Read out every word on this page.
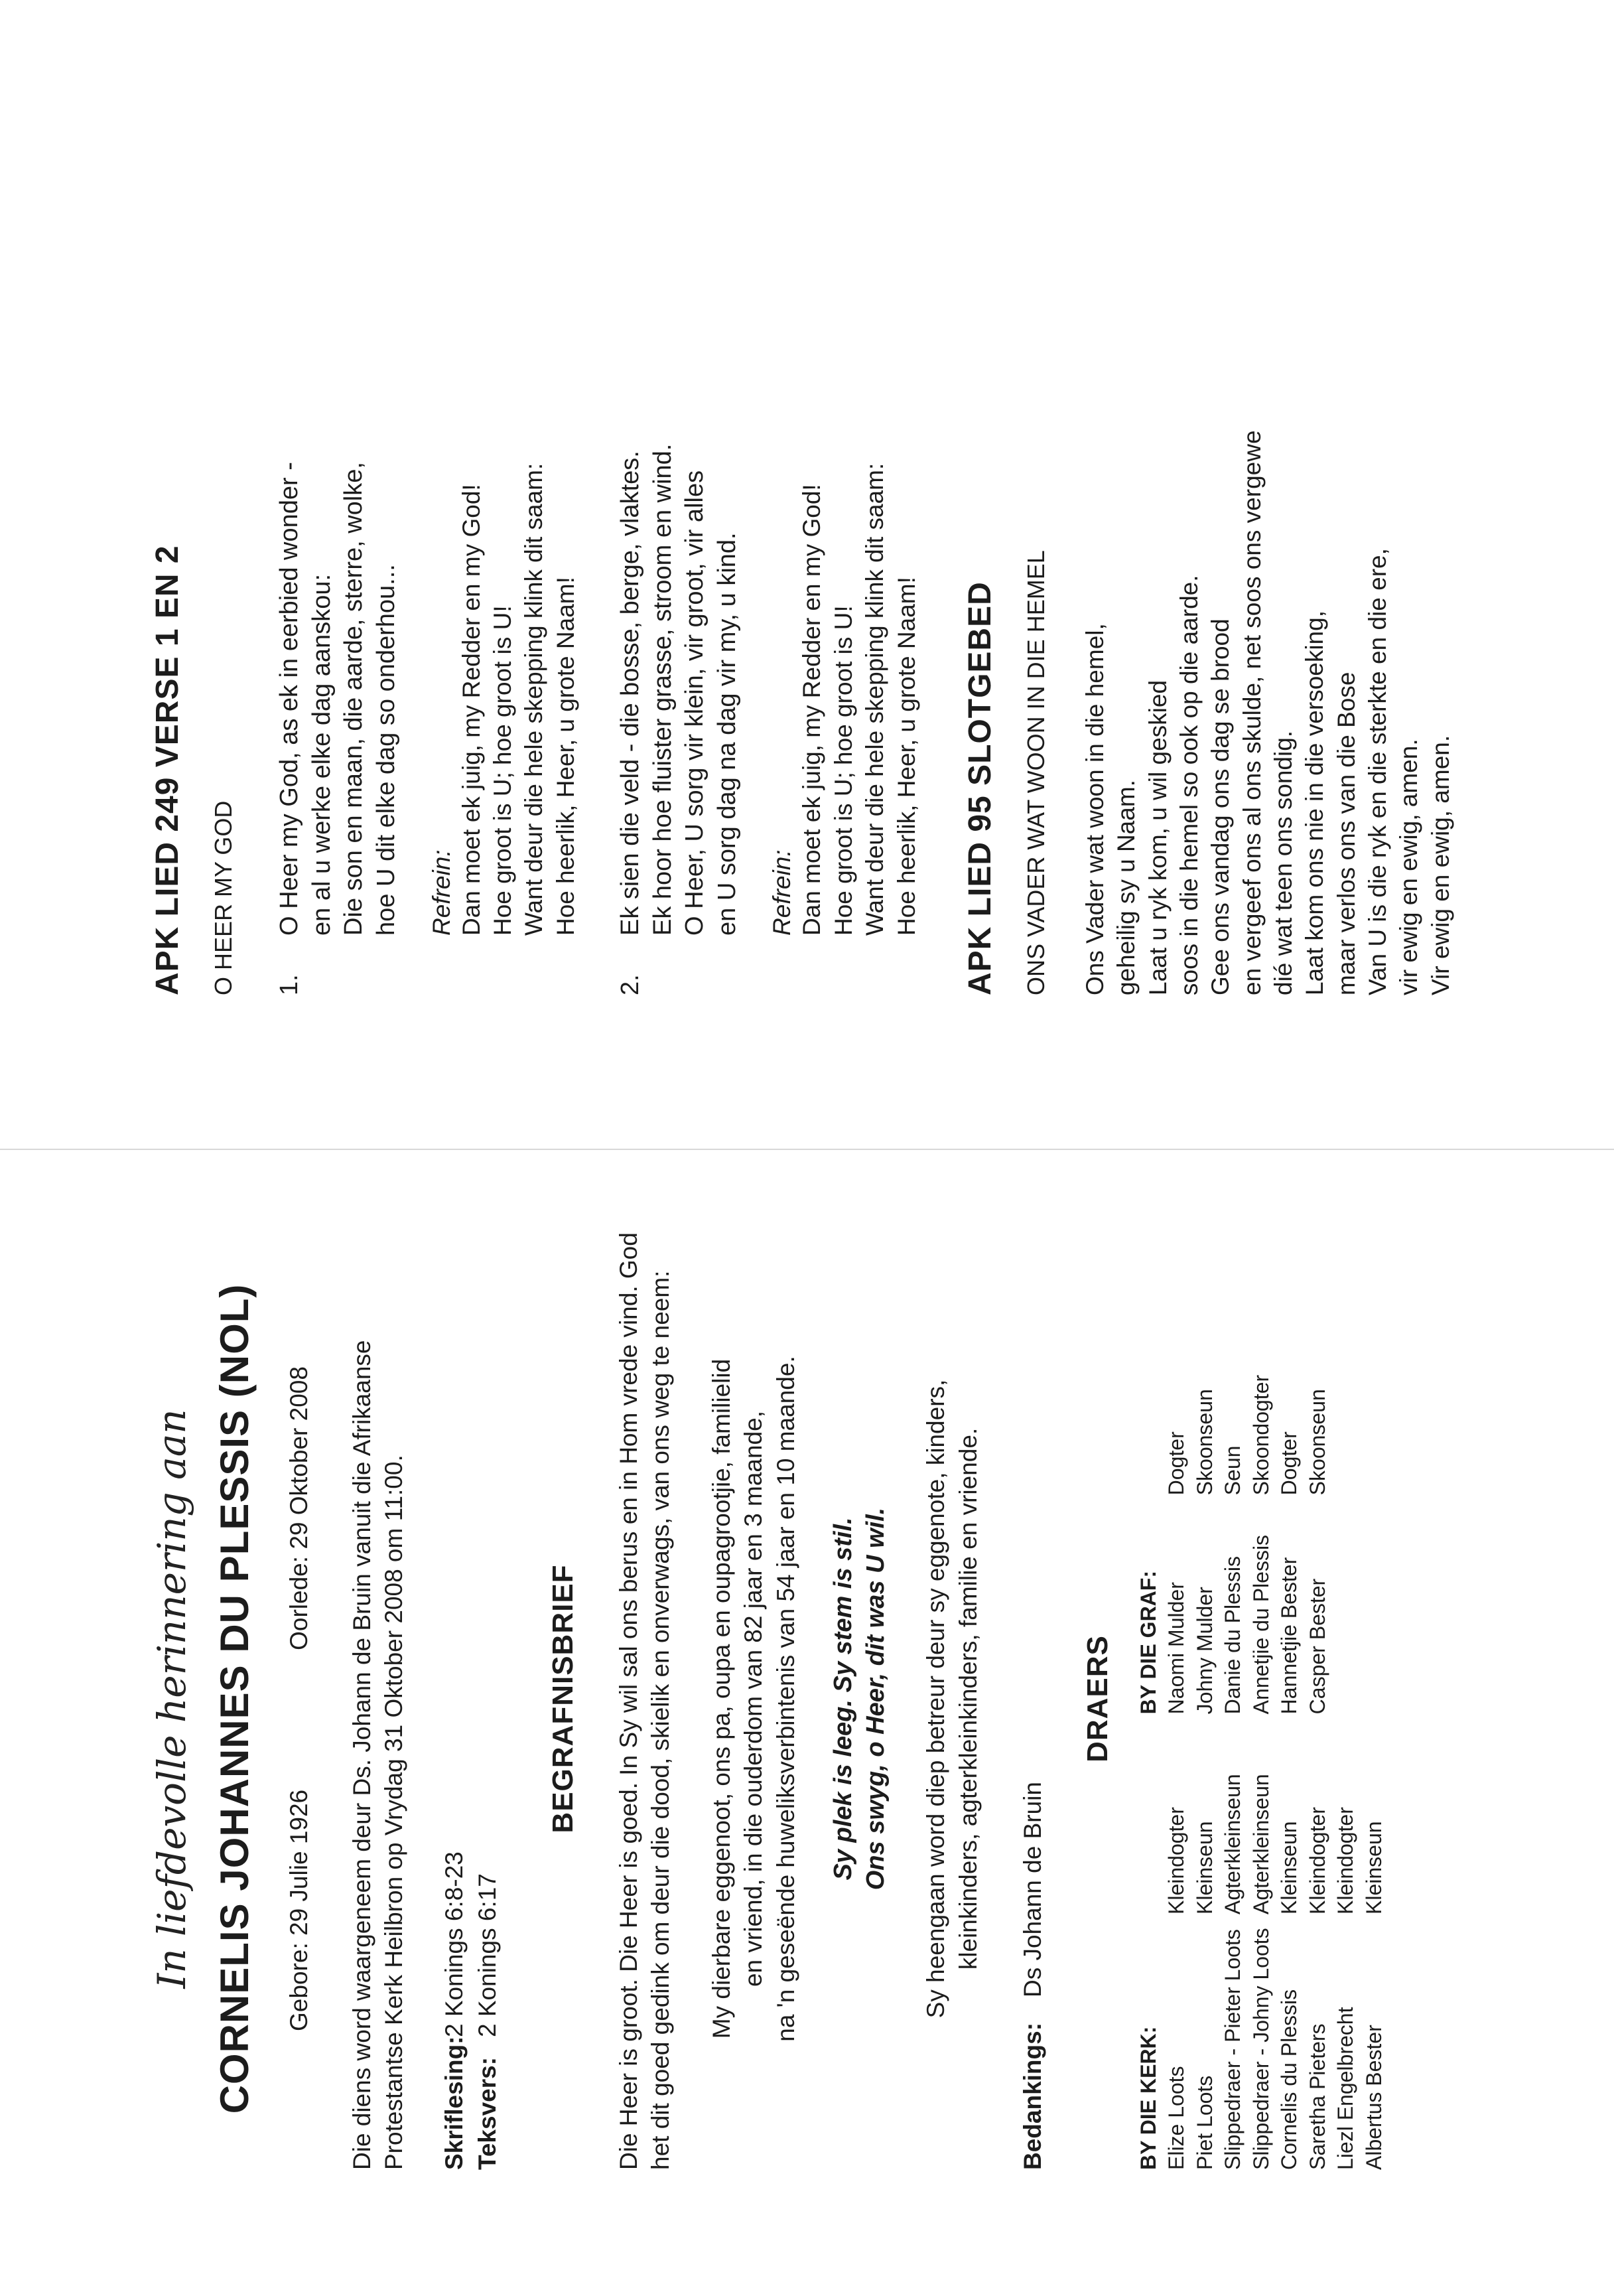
In liefdevolle herinnering aan CORNELIS JOHANNES DU PLESSIS (NOL) Gebore: 29 Julie 1926
Oorlede: 29 Oktober 2008 Die diens word waargeneem deur Ds. Johann de Bruin vanuit die Afrikaanse Protestantse Kerk Heilbron op Vrydag 31 Oktober 2008 om 11:00. Skriflesing:
2 Konings 6:8-23
Teksvers:
2 Konings 6:17

BEGRAFNISBRIEF Die Heer is groot. Die Heer is goed. In Sy wil sal ons berus en in Hom vrede vind. God het dit goed gedink om deur die dood, skielik en onverwags, van ons weg te neem: My dierbare eggenoot, ons pa, oupa en oupagrootjie, familielid en vriend, in die ouderdom van 82 jaar en 3 maande, na 'n geseënde huweliksverbintenis van 54 jaar en 10 maande. Sy plek is leeg. Sy stem is stil. Ons swyg, o Heer, dit was U wil. Sy heengaan word diep betreur deur sy eggenote, kinders, kleinkinders, agterkleinkinders, familie en vriende.
Bedankings:
Ds Johann de Bruin

DRAERS

BY DIE KERK: Elize Loots
Kleindogter
Piet Loots
Kleinseun
Slippedraer - Pieter Loots
Agterkleinseun
Slippedraer - Johny Loots
Agterkleinseun
Cornelis du Plessis
Kleinseun
Saretha Pieters
Kleindogter
Liezl Engelbrecht
Kleindogter
Albertus Bester
Kleinseun
BY DIE GRAF: Naomi Mulder
Dogter
Johny Mulder
Skoonseun
Danie du Plessis
Seun
Annetjie du Plessis
Skoondogter
Hannetjie Bester
Dogter
Casper Bester
Skoonseun

APK LIED 249 VERSE 1 EN 2 O HEER MY GOD 1.

O Heer my God, as ek in eerbied wonder - en al u werke elke dag aanskou: Die son en maan, die aarde, sterre, wolke, hoe U dit elke dag so onderhou... Refrein: Dan moet ek juig, my Redder en my God! Hoe groot is U; hoe groot is U! Want deur die hele skepping klink dit saam: Hoe heerlik, Heer, u grote Naam!

2.

Ek sien die veld - die bosse, berge, vlaktes. Ek hoor hoe fluister grasse, stroom en wind. O Heer, U sorg vir klein, vir groot, vir alles en U sorg dag na dag vir my, u kind. Refrein: Dan moet ek juig, my Redder en my God! Hoe groot is U; hoe groot is U! Want deur die hele skepping klink dit saam: Hoe heerlik, Heer, u grote Naam! APK LIED 95 SLOTGEBED ONS VADER WAT WOON IN DIE HEMEL Ons Vader wat woon in die hemel, geheilig sy u Naam. Laat u ryk kom, u wil geskied soos in die hemel so ook op die aarde. Gee ons vandag ons dag se brood en vergeef ons al ons skulde, net soos ons vergewe dié wat teen ons sondig. Laat kom ons nie in die versoeking, maar verlos ons van die Bose Van U is die ryk en die sterkte en die ere, vir ewig en ewig, amen. Vir ewig en ewig, amen.
